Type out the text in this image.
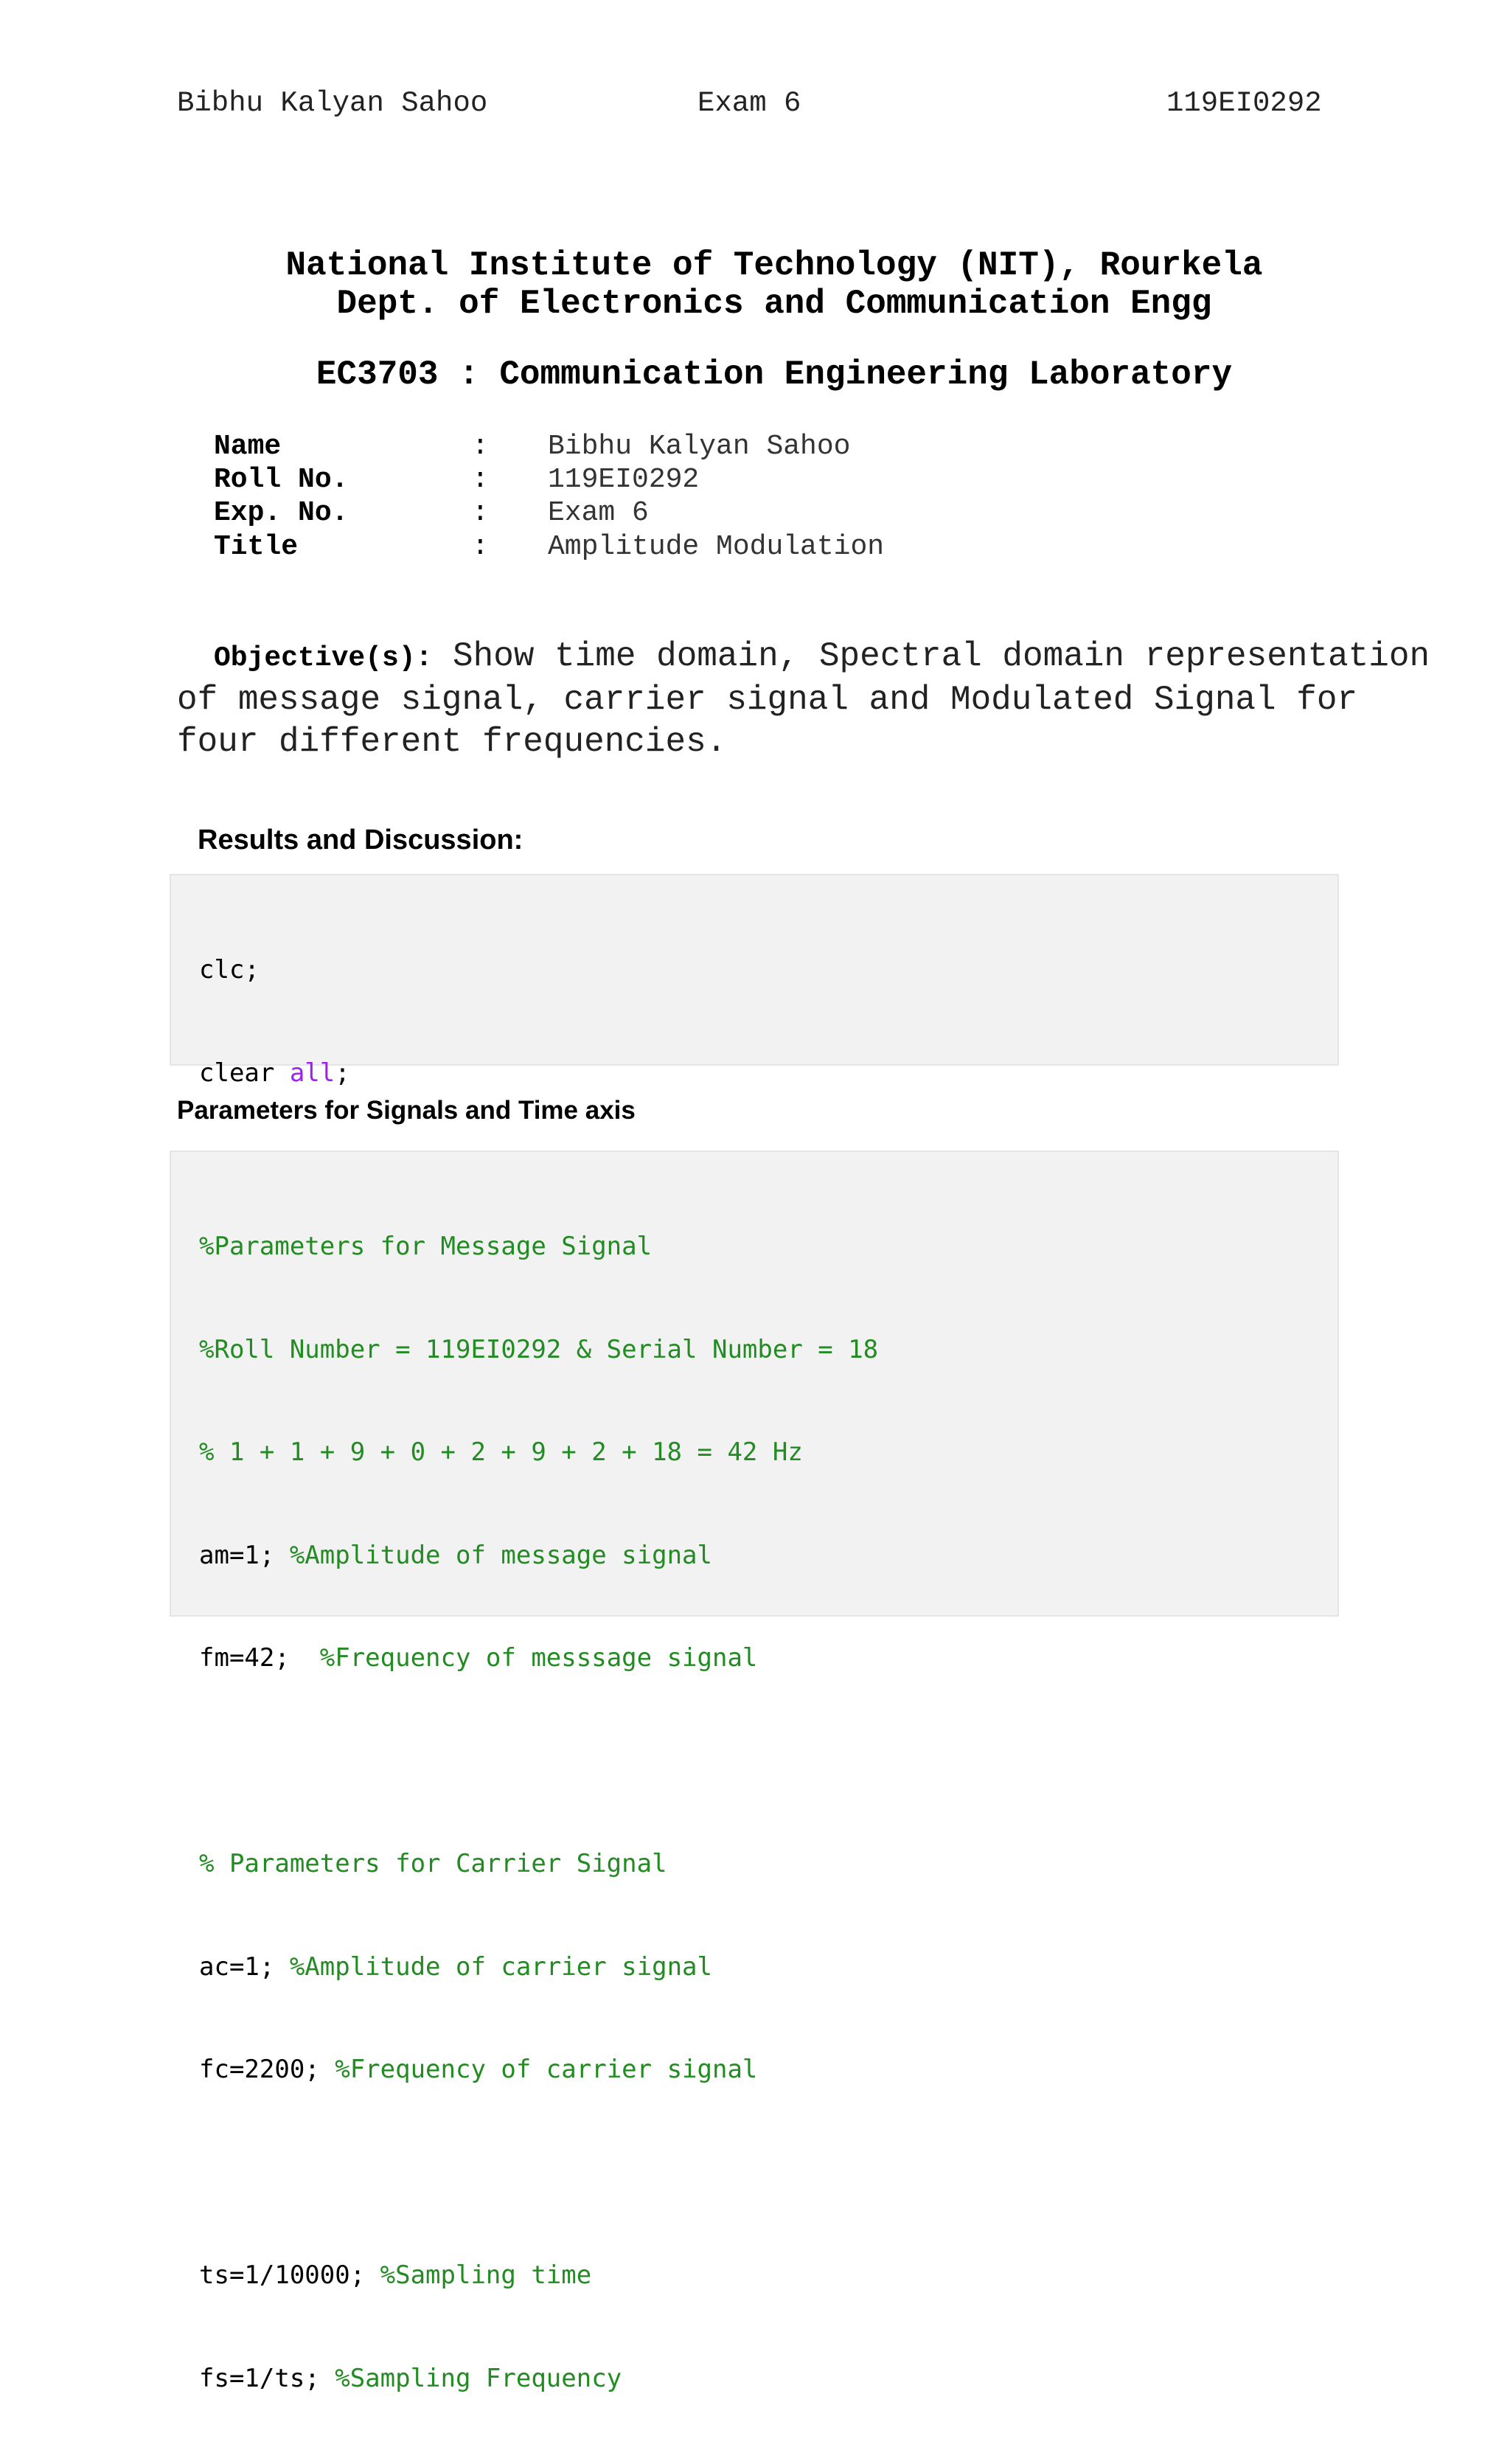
Bibhu Kalyan Sahoo	Exam 6	119EI0292
National Institute of Technology (NIT), Rourkela
Dept. of Electronics and Communication Engg
EC3703 : Communication Engineering Laboratory
Name	: Bibhu Kalyan Sahoo
Roll No.	: 119EI0292
Exp. No.	: Exam 6
Title	: Amplitude Modulation
Objective(s): Show time domain, Spectral domain representation of message signal, carrier signal and Modulated Signal for four different frequencies.
Results and Discussion:

clc;

clear all;

Parameters for Signals and Time axis

%Parameters for Message Signal

%Roll Number = 119EI0292 & Serial Number = 18

% 1 + 1 + 9 + 0 + 2 + 9 + 2 + 18 = 42 Hz

am=1; %Amplitude of message signal

fm=42;  %Frequency of messsage signal

% Parameters for Carrier Signal

ac=1; %Amplitude of carrier signal

fc=2200; %Frequency of carrier signal

ts=1/10000; %Sampling time

fs=1/ts; %Sampling Frequency
